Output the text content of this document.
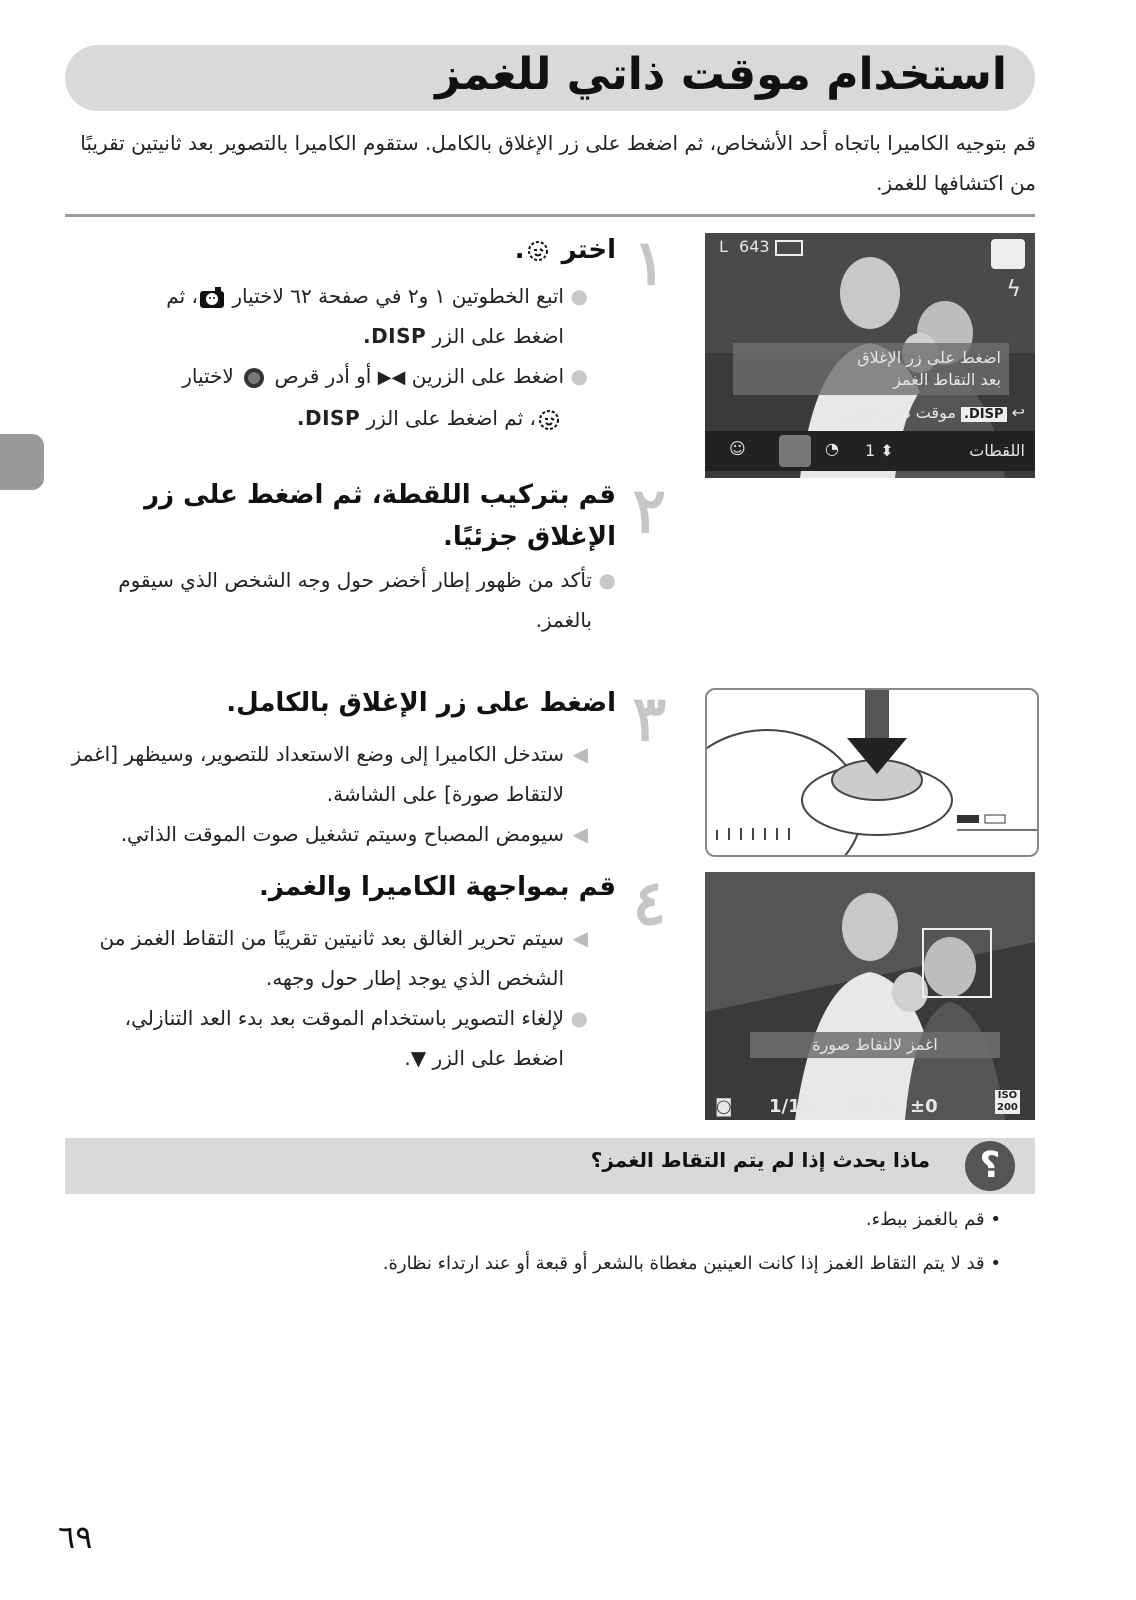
استخدام موقت ذاتي للغمز
قم بتوجيه الكاميرا باتجاه أحد الأشخاص، ثم اضغط على زر الإغلاق بالكامل. ستقوم الكاميرا بالتصوير بعد ثانيتين تقريبًا من اكتشافها للغمز.
١
اختر .
●
اتبع الخطوتين ١ و٢ في صفحة ٦٢ لاختيار ، ثم
اضغط على الزر DISP.
●
اضغط على الزرين ◀▶ أو أدر قرص  لاختيار
، ثم اضغط على الزر DISP.
L 643
ϟ
اضغط على زر الإغلاق
بعد التقاط الغمز
↩ DISP. موقت ذاتي للغمز
اللقطات
⬍ 1
☺	◔
٢
قم بتركيب اللقطة، ثم اضغط على زر الإغلاق جزئيًا.
●
تأكد من ظهور إطار أخضر حول وجه الشخص الذي سيقوم بالغمز.
٣
اضغط على زر الإغلاق بالكامل.
◀
ستدخل الكاميرا إلى وضع الاستعداد للتصوير، وسيظهر [اغمز لالتقاط صورة] على الشاشة.
◀
سيومض المصباح وسيتم تشغيل صوت الموقت الذاتي.
٤
قم بمواجهة الكاميرا والغمز.
◀
سيتم تحرير الغالق بعد ثانيتين تقريبًا من التقاط الغمز من الشخص الذي يوجد إطار حول وجهه.
●
لإلغاء التصوير باستخدام الموقت بعد بدء العد التنازلي،
اضغط على الزر ▼.
اغمز لالتقاط صورة
◙ 1/15 F5.6 ±0
ISO
200
؟
ماذا يحدث إذا لم يتم التقاط الغمز؟
• قم بالغمز ببطء.
• قد لا يتم التقاط الغمز إذا كانت العينين مغطاة بالشعر أو قبعة أو عند ارتداء نظارة.
٦٩
